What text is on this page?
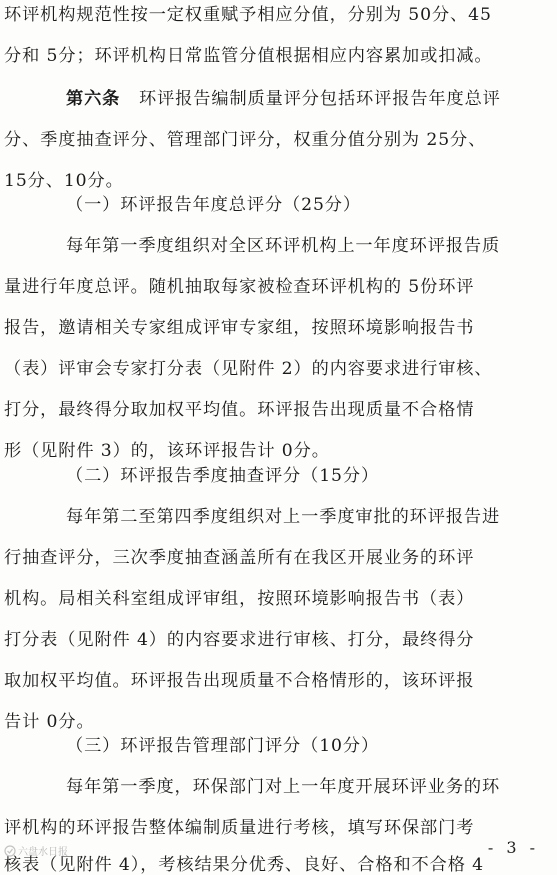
环评机构规范性按一定权重赋予相应分值，分别为 50分、45
分和 5分；环评机构日常监管分值根据相应内容累加或扣减。
第六条 环评报告编制质量评分包括环评报告年度总评
分、季度抽查评分、管理部门评分，权重分值分别为 25分、
15分、10分。
（一）环评报告年度总评分（25分）
每年第一季度组织对全区环评机构上一年度环评报告质
量进行年度总评。随机抽取每家被检查环评机构的 5份环评
报告，邀请相关专家组成评审专家组，按照环境影响报告书
（表）评审会专家打分表（见附件 2）的内容要求进行审核、
打分，最终得分取加权平均值。环评报告出现质量不合格情
形（见附件 3）的，该环评报告计 0分。
（二）环评报告季度抽查评分（15分）
每年第二至第四季度组织对上一季度审批的环评报告进
行抽查评分，三次季度抽查涵盖所有在我区开展业务的环评
机构。局相关科室组成评审组，按照环境影响报告书（表）
打分表（见附件 4）的内容要求进行审核、打分，最终得分
取加权平均值。环评报告出现质量不合格情形的，该环评报
告计 0分。
（三）环评报告管理部门评分（10分）
每年第一季度，环保部门对上一年度开展环评业务的环
评机构的环评报告整体编制质量进行考核，填写环保部门考
核表（见附件 4），考核结果分优秀、良好、合格和不合格 4
- 3 -
六盘水日报
